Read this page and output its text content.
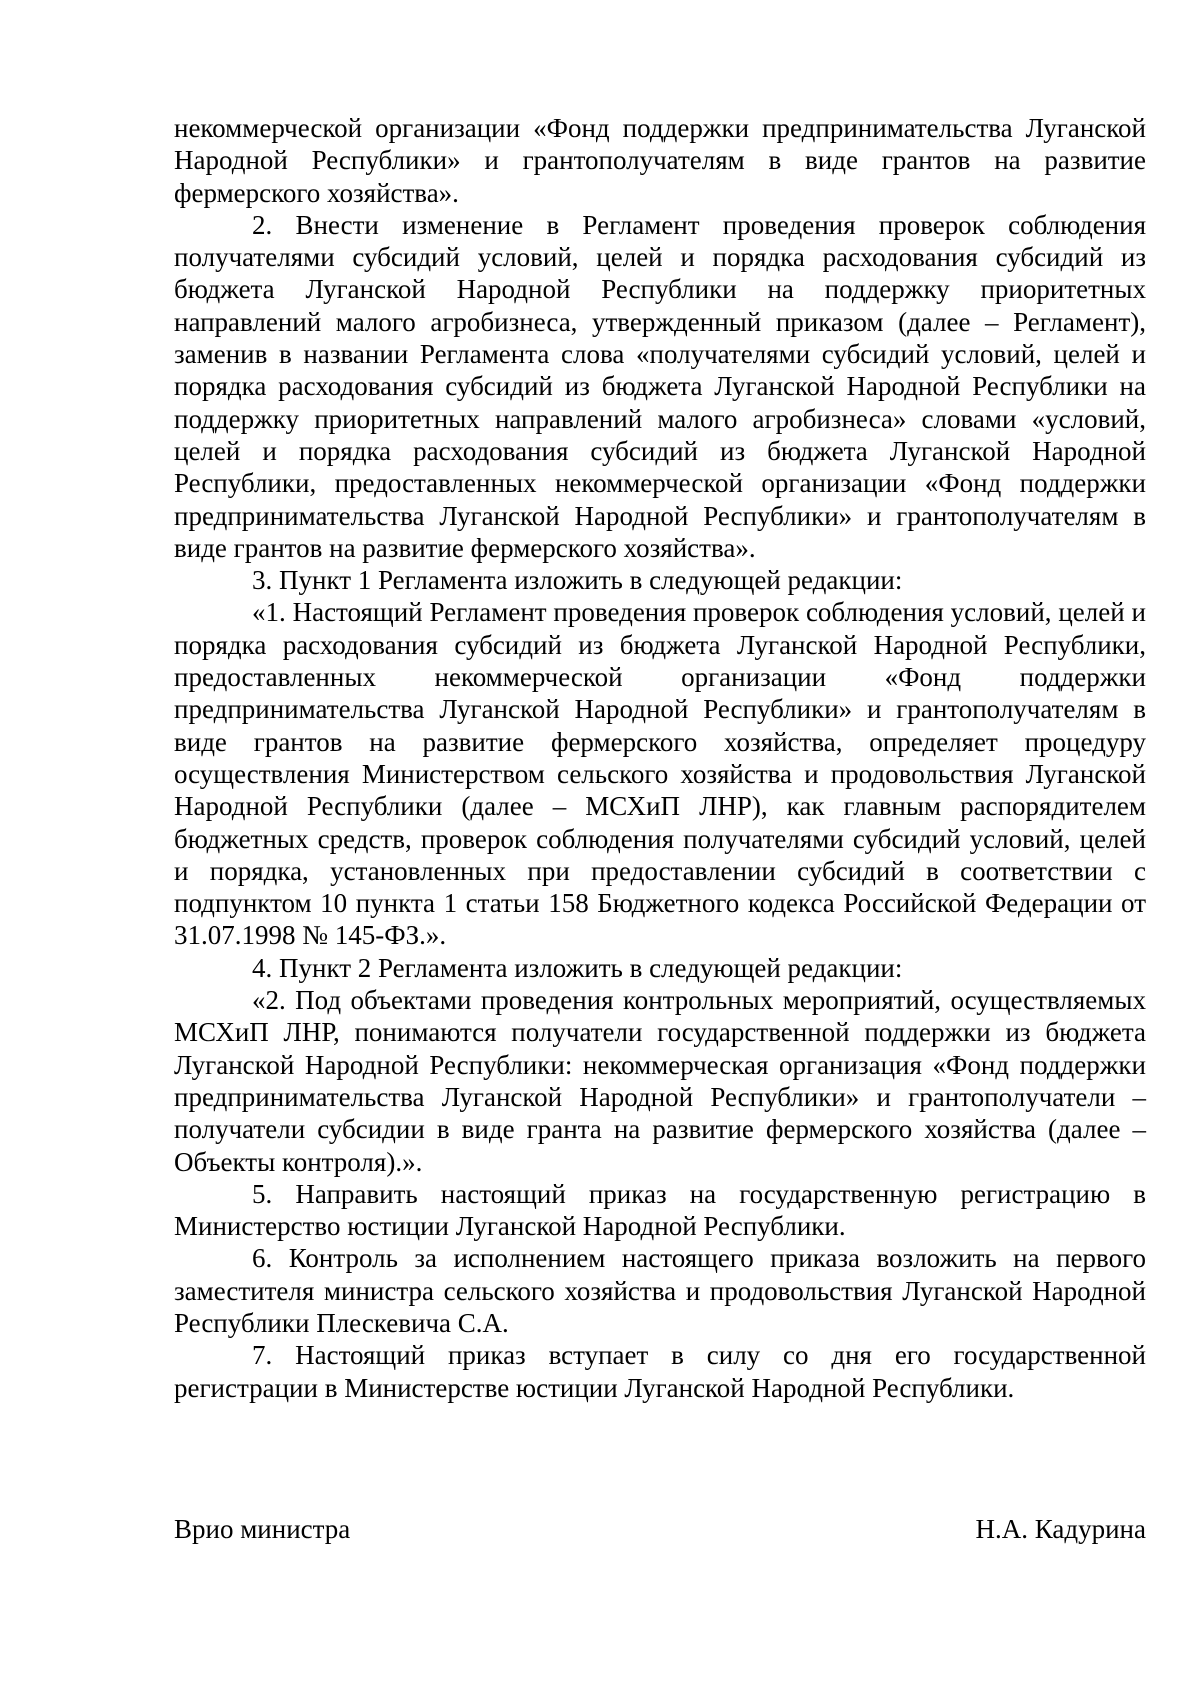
некоммерческой организации «Фонд поддержки предпринимательства Луганской Народной Республики» и грантополучателям в виде грантов на развитие фермерского хозяйства».

2. Внести изменение в Регламент проведения проверок соблюдения получателями субсидий условий, целей и порядка расходования субсидий из бюджета Луганской Народной Республики на поддержку приоритетных направлений малого агробизнеса, утвержденный приказом (далее – Регламент), заменив в названии Регламента слова «получателями субсидий условий, целей и порядка расходования субсидий из бюджета Луганской Народной Республики на поддержку приоритетных направлений малого агробизнеса» словами «условий, целей и порядка расходования субсидий из бюджета Луганской Народной Республики, предоставленных некоммерческой организации «Фонд поддержки предпринимательства Луганской Народной Республики» и грантополучателям в виде грантов на развитие фермерского хозяйства».

3. Пункт 1 Регламента изложить в следующей редакции:

«1. Настоящий Регламент проведения проверок соблюдения условий, целей и порядка расходования субсидий из бюджета Луганской Народной Республики, предоставленных некоммерческой организации «Фонд поддержки предпринимательства Луганской Народной Республики» и грантополучателям в виде грантов на развитие фермерского хозяйства, определяет процедуру осуществления Министерством сельского хозяйства и продовольствия Луганской Народной Республики (далее – МСХиП ЛНР), как главным распорядителем бюджетных средств, проверок соблюдения получателями субсидий условий, целей и порядка, установленных при предоставлении субсидий в соответствии с подпунктом 10 пункта 1 статьи 158 Бюджетного кодекса Российской Федерации от 31.07.1998 № 145-ФЗ.».

4. Пункт 2 Регламента изложить в следующей редакции:

«2. Под объектами проведения контрольных мероприятий, осуществляемых МСХиП ЛНР, понимаются получатели государственной поддержки из бюджета Луганской Народной Республики: некоммерческая организация «Фонд поддержки предпринимательства Луганской Народной Республики» и грантополучатели – получатели субсидии в виде гранта на развитие фермерского хозяйства (далее – Объекты контроля).».

5. Направить настоящий приказ на государственную регистрацию в Министерство юстиции Луганской Народной Республики.

6. Контроль за исполнением настоящего приказа возложить на первого заместителя министра сельского хозяйства и продовольствия Луганской Народной Республики Плескевича С.А.

7. Настоящий приказ вступает в силу со дня его государственной регистрации в Министерстве юстиции Луганской Народной Республики.

Врио министра	Н.А. Кадурина
